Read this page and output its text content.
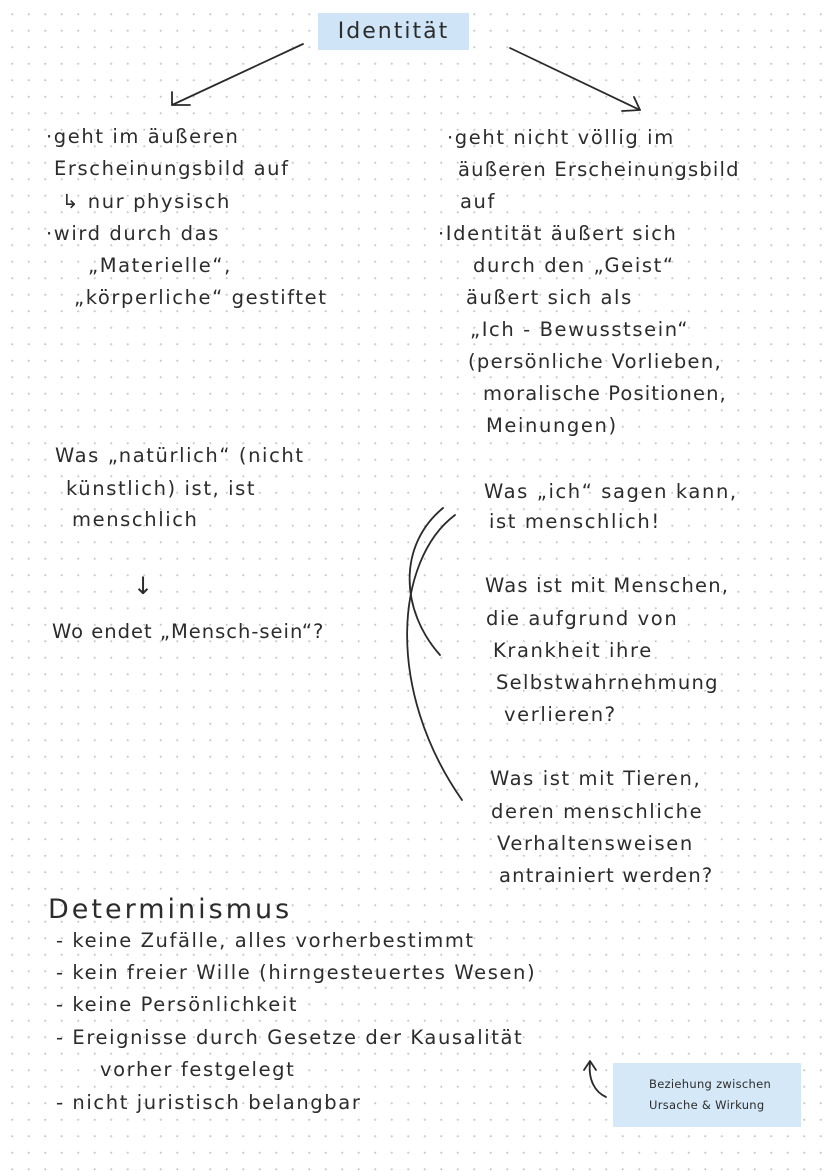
Identität
·geht im äußeren
Erscheinungsbild auf
↳ nur physisch
·wird durch das
„Materielle“,
„körperliche“ gestiftet
Was „natürlich“ (nicht
künstlich) ist, ist
menschlich
↓
Wo endet „Mensch-sein“?
·geht nicht völlig im
äußeren Erscheinungsbild
auf
·Identität äußert sich
durch den „Geist“
äußert sich als
„Ich - Bewusstsein“
(persönliche Vorlieben,
moralische Positionen,
Meinungen)
Was „ich“ sagen kann,
ist menschlich!
Was ist mit Menschen,
die aufgrund von
Krankheit ihre
Selbstwahrnehmung
verlieren?
Was ist mit Tieren,
deren menschliche
Verhaltensweisen
antrainiert werden?
Determinismus
- keine Zufälle, alles vorherbestimmt
- kein freier Wille (hirngesteuertes Wesen)
- keine Persönlichkeit
- Ereignisse durch Gesetze der Kausalität
vorher festgelegt
- nicht juristisch belangbar
Beziehung zwischen
Ursache & Wirkung
